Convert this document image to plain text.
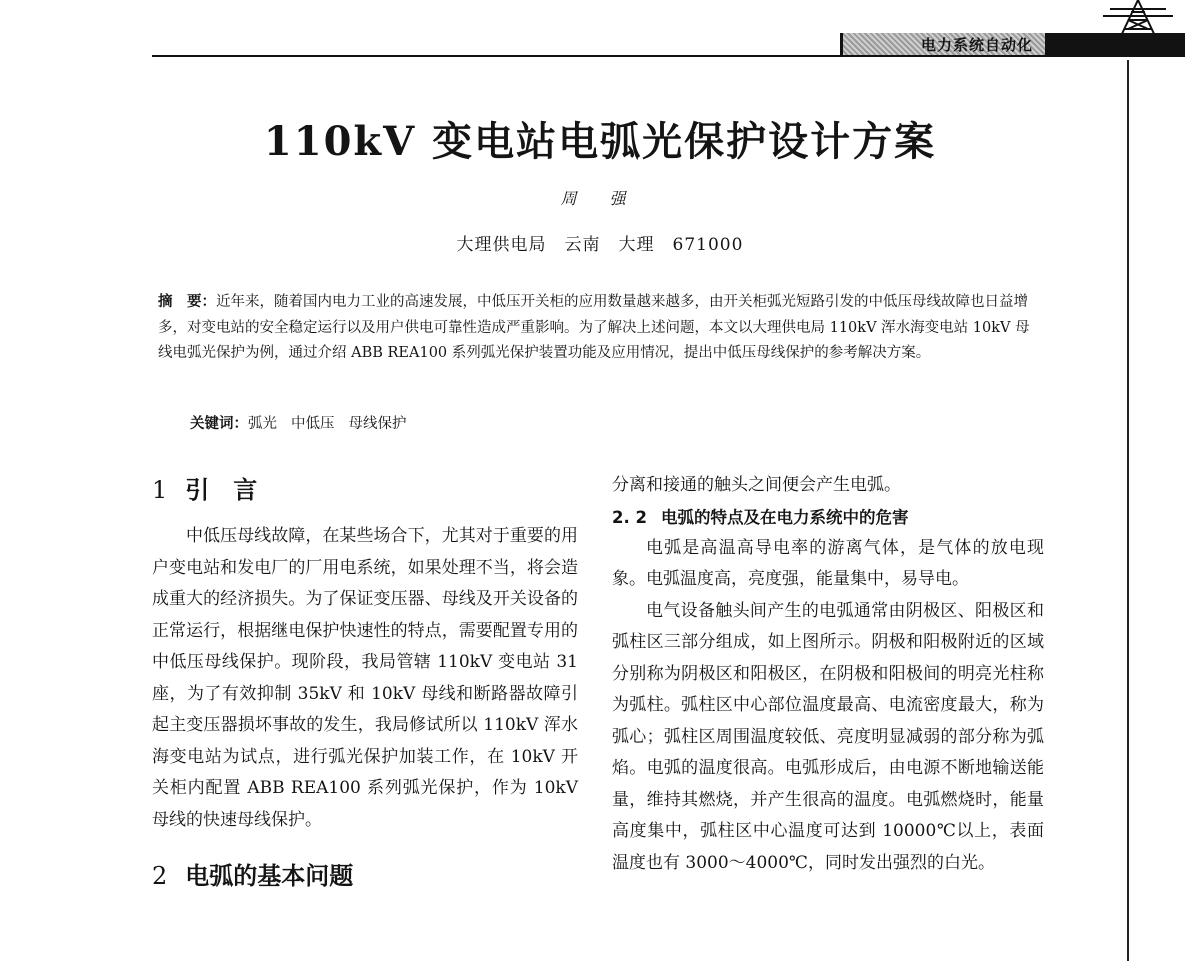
电力系统自动化
110kV 变电站电弧光保护设计方案
周 强
大理供电局　云南　大理　671000

摘　要：近年来，随着国内电力工业的高速发展，中低压开关柜的应用数量越来越多，由开关柜弧光短路引发的中低压母线故障也日益增多，对变电站的安全稳定运行以及用户供电可靠性造成严重影响。为了解决上述问题，本文以大理供电局 110kV 浑水海变电站 10kV 母线电弧光保护为例，通过介绍 ABB REA100 系列弧光保护装置功能及应用情况，提出中低压母线保护的参考解决方案。

关键词：弧光 中低压 母线保护
1 引　言

中低压母线故障，在某些场合下，尤其对于重要的用户变电站和发电厂的厂用电系统，如果处理不当，将会造成重大的经济损失。为了保证变压器、母线及开关设备的正常运行，根据继电保护快速性的特点，需要配置专用的中低压母线保护。现阶段，我局管辖 110kV 变电站 31 座，为了有效抑制 35kV 和 10kV 母线和断路器故障引起主变压器损坏事故的发生，我局修试所以 110kV 浑水海变电站为试点，进行弧光保护加装工作，在 10kV 开关柜内配置 ABB REA100 系列弧光保护，作为 10kV 母线的快速母线保护。

2 电弧的基本问题

分离和接通的触头之间便会产生电弧。

2. 2 电弧的特点及在电力系统中的危害

电弧是高温高导电率的游离气体，是气体的放电现象。电弧温度高，亮度强，能量集中，易导电。

电气设备触头间产生的电弧通常由阴极区、阳极区和弧柱区三部分组成，如上图所示。阴极和阳极附近的区域分别称为阴极区和阳极区，在阴极和阳极间的明亮光柱称为弧柱。弧柱区中心部位温度最高、电流密度最大，称为弧心；弧柱区周围温度较低、亮度明显减弱的部分称为弧焰。电弧的温度很高。电弧形成后，由电源不断地输送能量，维持其燃烧，并产生很高的温度。电弧燃烧时，能量高度集中，弧柱区中心温度可达到 10000℃以上，表面温度也有 3000～4000℃，同时发出强烈的白光。
